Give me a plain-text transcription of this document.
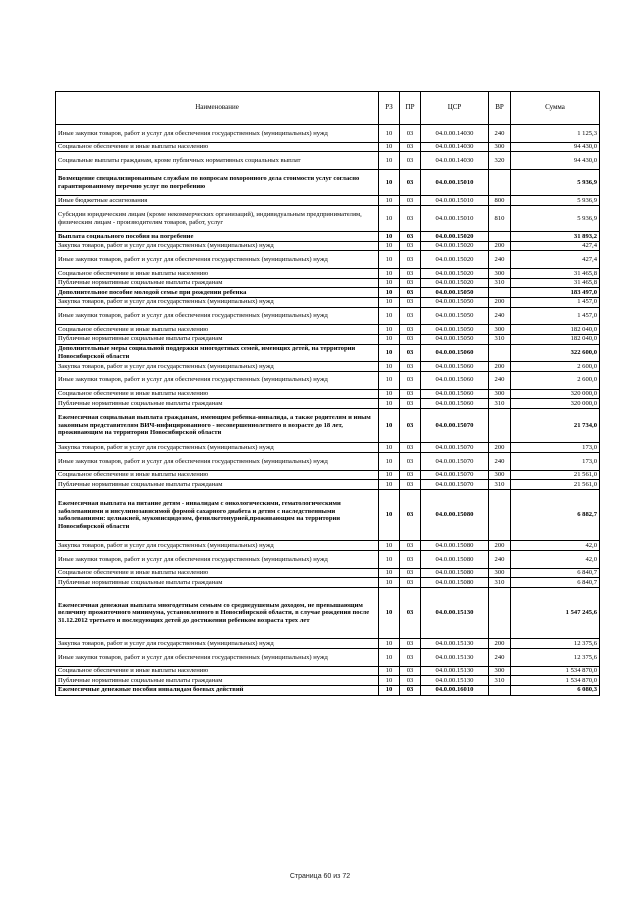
Наименование	РЗ	ПР	ЦСР	ВР	Сумма
Иные закупки товаров, работ и услуг для обеспечения государственных (муниципальных) нужд	10	03	04.0.00.14030	240	1 125,3
Социальное обеспечение и иные выплаты населению	10	03	04.0.00.14030	300	94 430,0
Социальные выплаты гражданам, кроме публичных нормативных социальных выплат	10	03	04.0.00.14030	320	94 430,0
Возмещение специализированным службам по вопросам похоронного дела стоимости услуг согласно гарантированному перечню услуг по погребению	10	03	04.0.00.15010		5 936,9
Иные бюджетные ассигнования	10	03	04.0.00.15010	800	5 936,9
Субсидии юридическим лицам (кроме некоммерческих организаций), индивидуальным предпринимателям, физическим лицам - производителям товаров, работ, услуг	10	03	04.0.00.15010	810	5 936,9
Выплата социального пособия на погребение	10	03	04.0.00.15020		31 893,2
Закупка товаров, работ и услуг для государственных (муниципальных) нужд	10	03	04.0.00.15020	200	427,4
Иные закупки товаров, работ и услуг для обеспечения государственных (муниципальных) нужд	10	03	04.0.00.15020	240	427,4
Социальное обеспечение и иные выплаты населению	10	03	04.0.00.15020	300	31 465,8
Публичные нормативные социальные выплаты гражданам	10	03	04.0.00.15020	310	31 465,8
Дополнительное пособие молодой семье при рождении ребенка	10	03	04.0.00.15050		183 497,0
Закупка товаров, работ и услуг для государственных (муниципальных) нужд	10	03	04.0.00.15050	200	1 457,0
Иные закупки товаров, работ и услуг для обеспечения государственных (муниципальных) нужд	10	03	04.0.00.15050	240	1 457,0
Социальное обеспечение и иные выплаты населению	10	03	04.0.00.15050	300	182 040,0
Публичные нормативные социальные выплаты гражданам	10	03	04.0.00.15050	310	182 040,0
Дополнительные меры социальной поддержки многодетных семей, имеющих детей, на территории Новосибирской области	10	03	04.0.00.15060		322 600,0
Закупка товаров, работ и услуг для государственных (муниципальных) нужд	10	03	04.0.00.15060	200	2 600,0
Иные закупки товаров, работ и услуг для обеспечения государственных (муниципальных) нужд	10	03	04.0.00.15060	240	2 600,0
Социальное обеспечение и иные выплаты населению	10	03	04.0.00.15060	300	320 000,0
Публичные нормативные социальные выплаты гражданам	10	03	04.0.00.15060	310	320 000,0
Ежемесячная социальная выплата гражданам, имеющим ребенка-инвалида, а также родителям и иным законным представителям ВИЧ-инфицированного - несовершеннолетнего в возрасте до 18 лет, проживающим на территории Новосибирской области	10	03	04.0.00.15070		21 734,0
Закупка товаров, работ и услуг для государственных (муниципальных) нужд	10	03	04.0.00.15070	200	173,0
Иные закупки товаров, работ и услуг для обеспечения государственных (муниципальных) нужд	10	03	04.0.00.15070	240	173,0
Социальное обеспечение и иные выплаты населению	10	03	04.0.00.15070	300	21 561,0
Публичные нормативные социальные выплаты гражданам	10	03	04.0.00.15070	310	21 561,0
Ежемесячная выплата на питание детям - инвалидам с онкологическими, гематологическими заболеваниями и инсулинозависимой формой сахарного диабета и детям с наследственными заболеваниями: целиакией, муковисцидозом, фенилкетонурией,проживающим на территории Новосибирской области	10	03	04.0.00.15080		6 882,7
Закупка товаров, работ и услуг для государственных (муниципальных) нужд	10	03	04.0.00.15080	200	42,0
Иные закупки товаров, работ и услуг для обеспечения государственных (муниципальных) нужд	10	03	04.0.00.15080	240	42,0
Социальное обеспечение и иные выплаты населению	10	03	04.0.00.15080	300	6 840,7
Публичные нормативные социальные выплаты гражданам	10	03	04.0.00.15080	310	6 840,7
Ежемесячная денежная выплата многодетным семьям со среднедушевым доходом, не превышающим величину прожиточного минимума, установленного в Новосибирской области, в случае рождения после 31.12.2012 третьего и последующих детей до достижения ребенком возраста трех лет	10	03	04.0.00.15130		1 547 245,6
Закупка товаров, работ и услуг для государственных (муниципальных) нужд	10	03	04.0.00.15130	200	12 375,6
Иные закупки товаров, работ и услуг для обеспечения государственных (муниципальных) нужд	10	03	04.0.00.15130	240	12 375,6
Социальное обеспечение и иные выплаты населению	10	03	04.0.00.15130	300	1 534 870,0
Публичные нормативные социальные выплаты гражданам	10	03	04.0.00.15130	310	1 534 870,0
Ежемесячные денежные пособия инвалидам боевых действий	10	03	04.0.00.16010		6 080,3
Страница 60 из 72
